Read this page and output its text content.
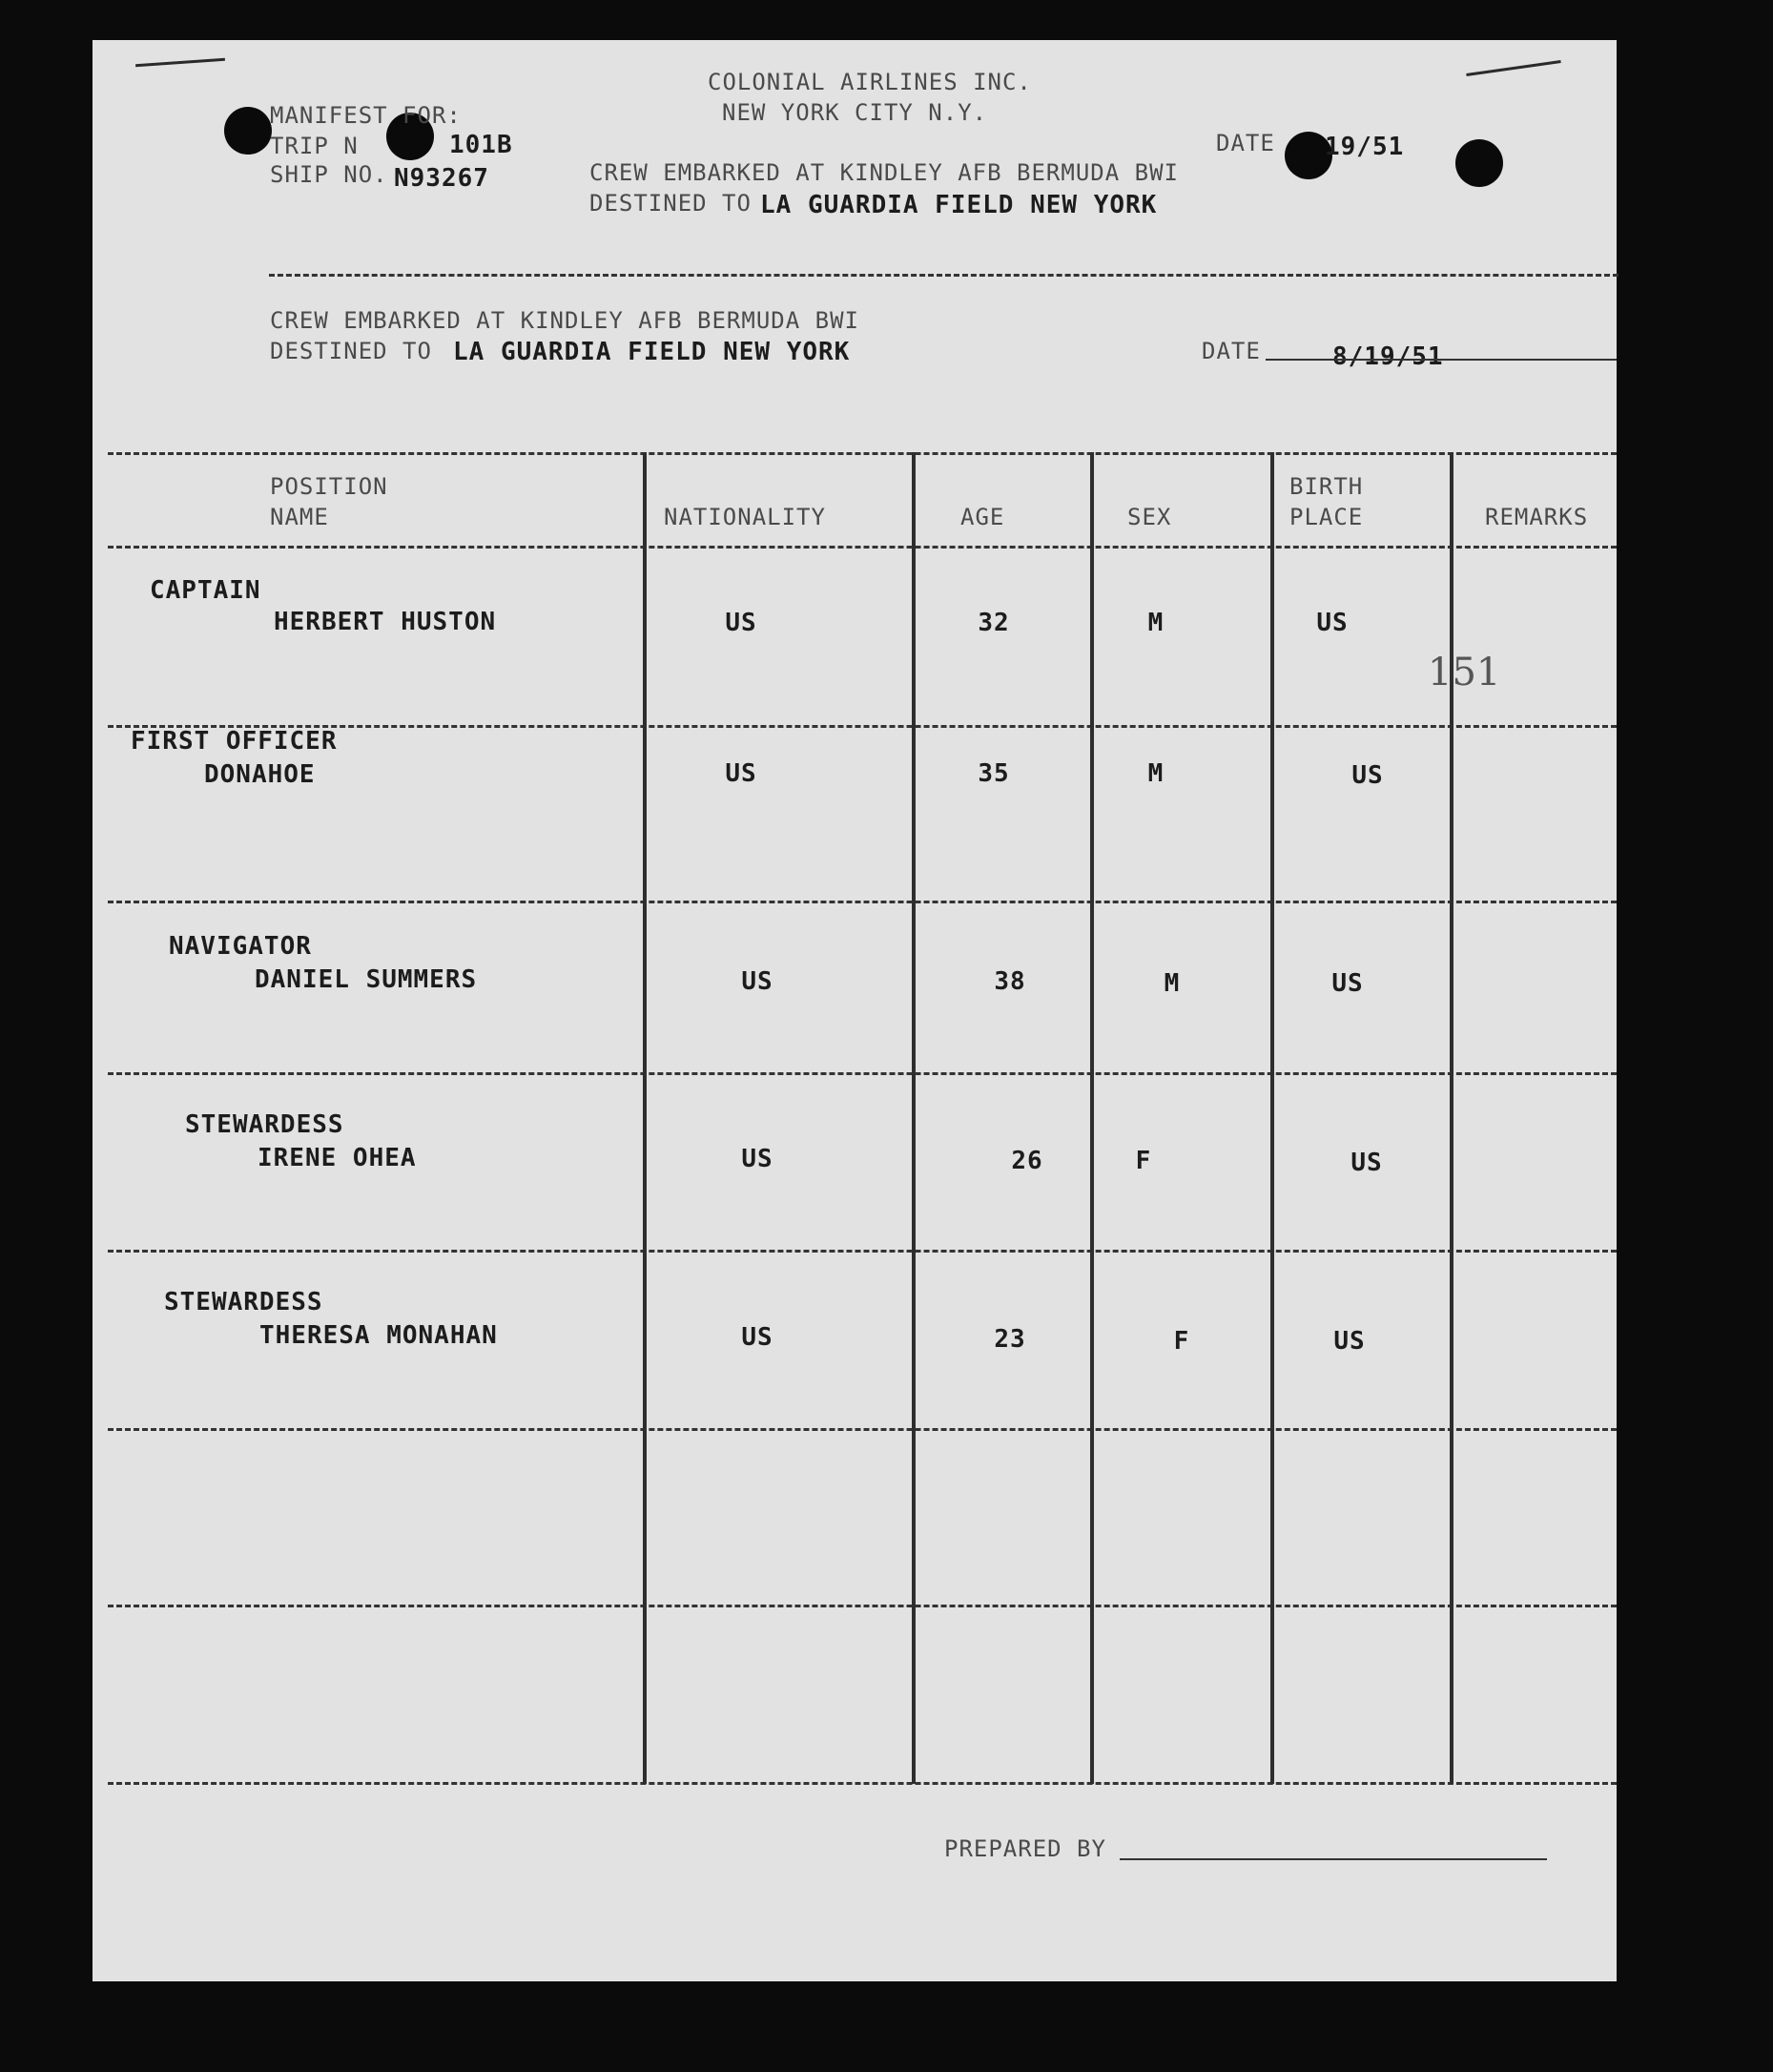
COLONIAL AIRLINES INC.
NEW YORK CITY N.Y.
MANIFEST FOR:
TRIP N	101B
SHIP NO. N93267	CREW EMBARKED AT KINDLEY AFB BERMUDA BWI
DESTINED TO LA GUARDIA FIELD NEW YORK
DATE 19/51
CREW EMBARKED AT KINDLEY AFB BERMUDA BWI
DESTINED TO LA GUARDIA FIELD NEW YORK	DATE	8/19/51
POSITION
NAME	NATIONALITY	AGE	SEX
BIRTH
PLACE	REMARKS
CAPTAIN
HERBERT HUSTON	US	32	M	US
151
FIRST OFFICER
DONAHOE	US	35	M	US
NAVIGATOR
DANIEL SUMMERS	US	38	M	US
STEWARDESS
IRENE OHEA	US	26	F	US
STEWARDESS
THERESA MONAHAN	US	23	F	US
PREPARED BY
